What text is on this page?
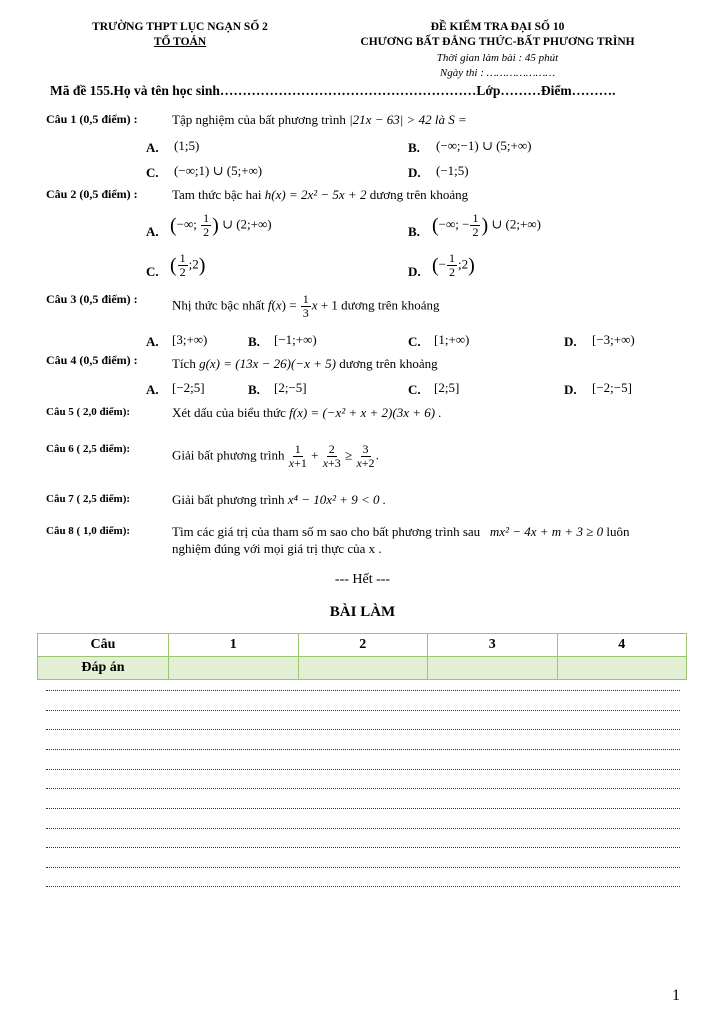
TRƯỜNG THPT LỤC NGẠN SỐ 2
TỔ TOÁN
ĐỀ KIỂM TRA ĐẠI SỐ 10
CHƯƠNG BẤT ĐẲNG THỨC-BẤT PHƯƠNG TRÌNH
Thời gian làm bài : 45 phút
Ngày thi : …………………
Mã đề 155.Họ và tên học sinh…………………………………………………Lớp………Điểm……….
Câu 1 (0,5 điểm) :	Tập nghiệm của bất phương trình |21x − 63| > 42 là S =
A. (1;5)	B. (−∞;−1) ∪ (5;+∞)
C. (−∞;1) ∪ (5;+∞)	D. (−1;5)
Câu 2 (0,5 điểm) :	Tam thức bậc hai h(x) = 2x² − 5x + 2 dương trên khoảng
A. (−∞; $\frac{1}{2}$ ) ∪ (2;+∞)
B. (−∞; − $\frac{1}{2}$ ) ∪ (2;+∞)
C. ( $\frac{1}{2}$ ;2)	D. (− $\frac{1}{2}$ ;2)
Câu 3 (0,5 điểm) :	Nhị thức bậc nhất $f(x) = \frac{1}{3}$ x + 1 dương trên khoảng
A. [3;+∞)	B. [−1;+∞)	C. [1;+∞)	D. [−3;+∞)
Câu 4 (0,5 điểm) :	Tích g(x) = (13x − 26)(−x + 5) dương trên khoảng
A. [−2;5]	B. [2;−5]	C. [2;5]	D. [−2;−5]
Câu 5 ( 2,0 điểm):	Xét dấu của biểu thức f(x) = (−x² + x + 2)(3x + 6) .
Câu 6 ( 2,5 điểm):	Giải bất phương trình $\frac{1}{x+1} + \frac{2}{x+3} \ge \frac{3}{x+2}$ .
Câu 7 ( 2,5 điểm):	Giải bất phương trình x⁴ − 10x² + 9 < 0 .
Câu 8 ( 1,0 điểm):	Tìm các giá trị của tham số m sao cho bất phương trình sau mx² − 4x + m + 3 ≥ 0 luôn
nghiệm đúng với mọi giá trị thực của x .
--- Hết ---
BÀI LÀM
Câu	1	2	3	4
Đáp án				
1
